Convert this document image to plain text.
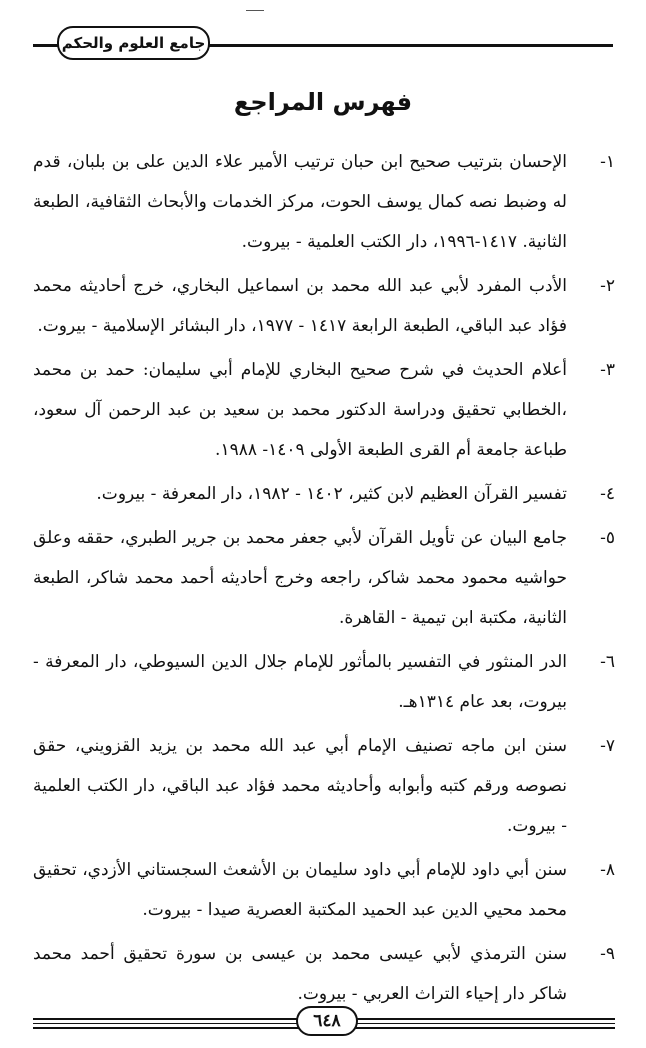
جامع العلوم والحكم
فهرس المراجع
١-
الإحسان بترتيب صحيح ابن حبان ترتيب الأمير علاء الدين على بن بلبان، قدم له وضبط نصه كمال يوسف الحوت، مركز الخدمات والأبحاث الثقافية، الطبعة الثانية. ١٤١٧-١٩٩٦، دار الكتب العلمية - بيروت.
٢-
الأدب المفرد لأبي عبد الله محمد بن اسماعيل البخاري، خرج أحاديثه محمد فؤاد عبد الباقي، الطبعة الرابعة ١٤١٧ - ١٩٧٧، دار البشائر الإسلامية - بيروت.
٣-
أعلام الحديث في شرح صحيح البخاري للإمام أبي سليمان: حمد بن محمد ،الخطابي تحقيق ودراسة الدكتور محمد بن سعيد بن عبد الرحمن آل سعود، طباعة جامعة أم القرى الطبعة الأولى ١٤٠٩- ١٩٨٨.
٤-
تفسير القرآن العظيم لابن كثير، ١٤٠٢ - ١٩٨٢، دار المعرفة - بيروت.
٥-
جامع البيان عن تأويل القرآن لأبي جعفر محمد بن جرير الطبري، حققه وعلق حواشيه محمود محمد شاكر، راجعه وخرج أحاديثه أحمد محمد شاكر، الطبعة الثانية، مكتبة ابن تيمية - القاهرة.
٦-
الدر المنثور في التفسير بالمأثور للإمام جلال الدين السيوطي، دار المعرفة - بيروت، بعد عام ١٣١٤هـ.
٧-
سنن ابن ماجه تصنيف الإمام أبي عبد الله محمد بن يزيد القزويني، حقق نصوصه ورقم كتبه وأبوابه وأحاديثه محمد فؤاد عبد الباقي، دار الكتب العلمية - بيروت.
٨-
سنن أبي داود للإمام أبي داود سليمان بن الأشعث السجستاني الأزدي، تحقيق محمد محيي الدين عبد الحميد المكتبة العصرية صيدا - بيروت.
٩-
سنن الترمذي لأبي عيسى محمد بن عيسى بن سورة تحقيق أحمد محمد شاكر دار إحياء التراث العربي - بيروت.
٦٤٨
